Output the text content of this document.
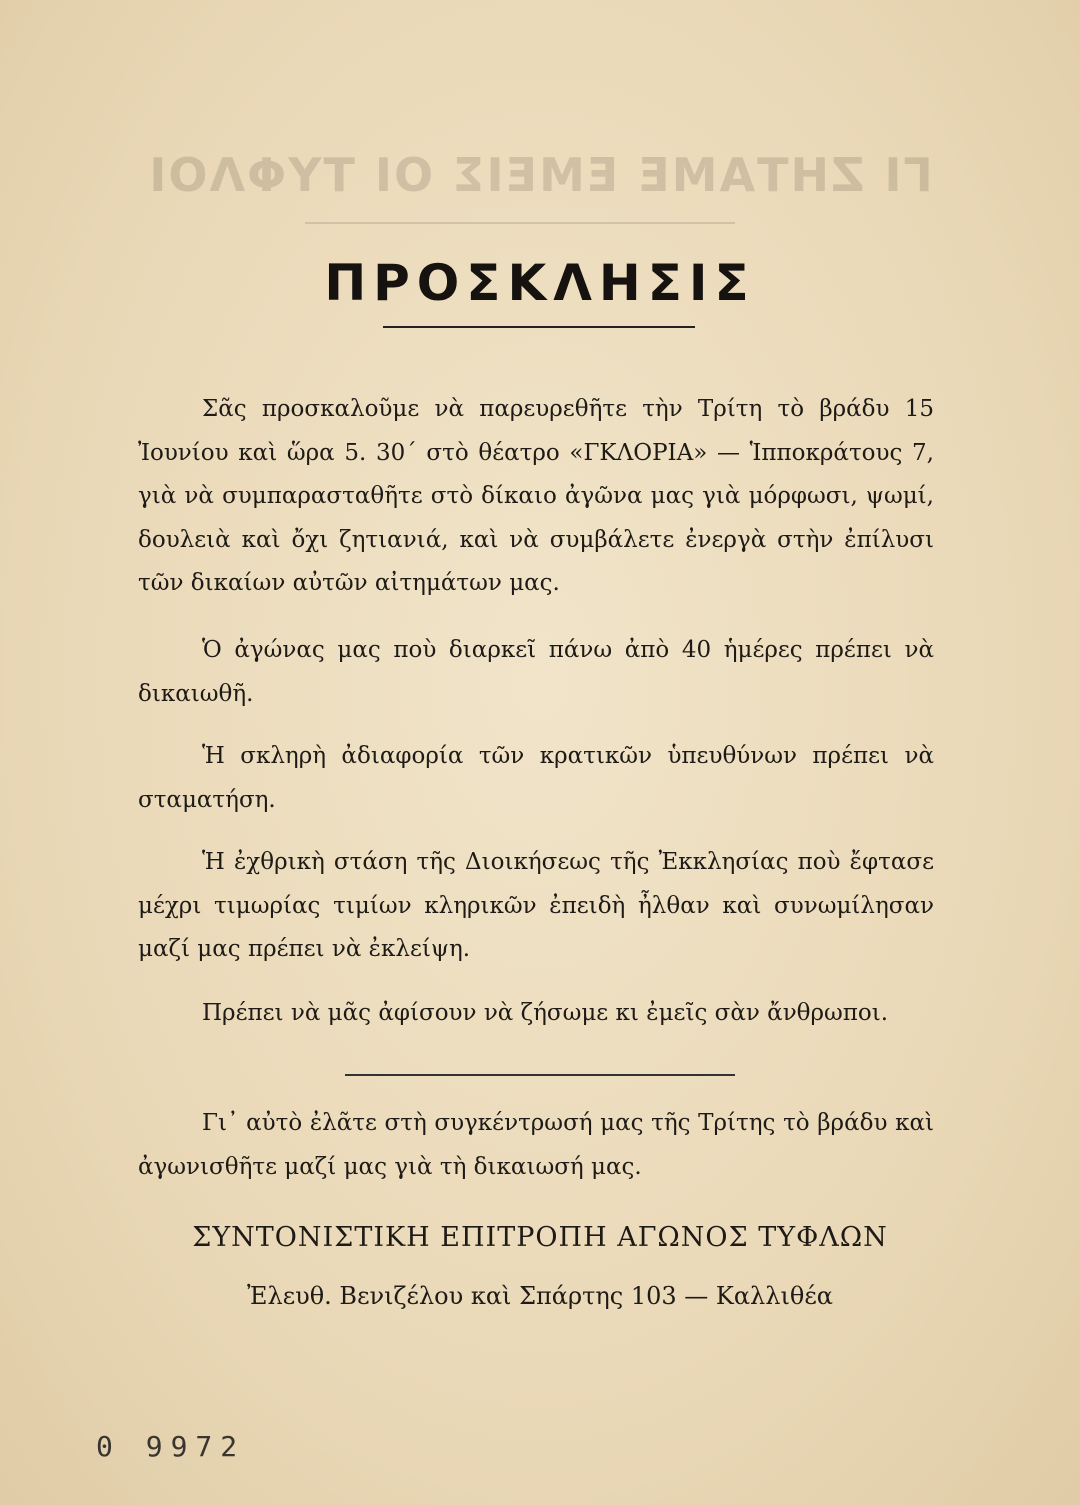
ΓΙ ΖΗΤΑΜΕ ΕΜΕΙΣ ΟΙ ΤΥΦΛΟΙ
ΠΡΟΣΚΛΗΣΙΣ

Σᾶς προσκαλοῦμε νὰ παρευρεθῆτε τὴν Τρίτη τὸ βράδυ 15 Ἰουνίου καὶ ὥρα 5. 30΄ στὸ θέατρο «ΓΚΛΟΡΙΑ» — Ἱπποκράτους 7, γιὰ νὰ συμπαρασταθῆτε στὸ δίκαιο ἀγῶνα μας γιὰ μόρφωσι, ψωμί, δουλειὰ καὶ ὄχι ζητιανιά, καὶ νὰ συμβάλετε ἐνεργὰ στὴν ἐπίλυσι τῶν δικαίων αὐτῶν αἰτημάτων μας.

Ὁ ἀγώνας μας ποὺ διαρκεῖ πάνω ἀπὸ 40 ἡμέρες πρέπει νὰ δικαιωθῆ.

Ἡ σκληρὴ ἀδιαφορία τῶν κρατικῶν ὑπευθύνων πρέπει νὰ σταματήση.

Ἡ ἐχθρικὴ στάση τῆς Διοικήσεως τῆς Ἐκκλησίας ποὺ ἔφτασε μέχρι τιμωρίας τιμίων κληρικῶν ἐπειδὴ ἦλθαν καὶ συνωμίλησαν μαζί μας πρέπει νὰ ἐκλείψη.

Πρέπει νὰ μᾶς ἀφίσουν νὰ ζήσωμε κι ἐμεῖς σὰν ἄνθρωποι.

Γι᾽ αὐτὸ ἐλᾶτε στὴ συγκέντρωσή μας τῆς Τρίτης τὸ βράδυ καὶ ἀγωνισθῆτε μαζί μας γιὰ τὴ δικαιωσή μας.

ΣΥΝΤΟΝΙΣΤΙΚΗ ΕΠΙΤΡΟΠΗ ΑΓΩΝΟΣ ΤΥΦΛΩΝ
Ἐλευθ. Βενιζέλου καὶ Σπάρτης 103 — Καλλιθέα
0 9972
